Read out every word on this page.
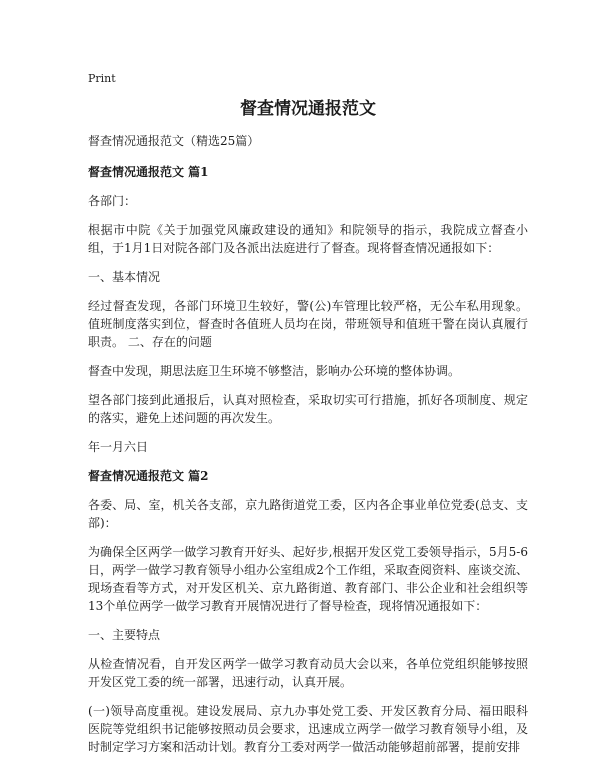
Print
督查情况通报范文

督查情况通报范文（精选25篇）

督查情况通报范文 篇1

各部门：

根据市中院《关于加强党风廉政建设的通知》和院领导的指示，我院成立督查小组，于1月1日对院各部门及各派出法庭进行了督查。现将督查情况通报如下：

一、基本情况

经过督查发现，各部门环境卫生较好，警(公)车管理比较严格，无公车私用现象。值班制度落实到位，督查时各值班人员均在岗，带班领导和值班干警在岗认真履行职责。 二、存在的问题

督查中发现，期思法庭卫生环境不够整洁，影响办公环境的整体协调。

望各部门接到此通报后，认真对照检查，采取切实可行措施，抓好各项制度、规定的落实，避免上述问题的再次发生。

年一月六日

督查情况通报范文 篇2

各委、局、室，机关各支部，京九路街道党工委，区内各企事业单位党委(总支、支部)：

为确保全区两学一做学习教育开好头、起好步,根据开发区党工委领导指示，5月5-6日，两学一做学习教育领导小组办公室组成2个工作组，采取查阅资料、座谈交流、现场查看等方式，对开发区机关、京九路街道、教育部门、非公企业和社会组织等13个单位两学一做学习教育开展情况进行了督导检查，现将情况通报如下：

一、主要特点

从检查情况看，自开发区两学一做学习教育动员大会以来，各单位党组织能够按照开发区党工委的统一部署，迅速行动，认真开展。

(一)领导高度重视。建设发展局、京九办事处党工委、开发区教育分局、福田眼科医院等党组织书记能够按照动员会要求，迅速成立两学一做学习教育领导小组，及时制定学习方案和活动计划。教育分工委对两学一做活动能够超前部署，提前安排
